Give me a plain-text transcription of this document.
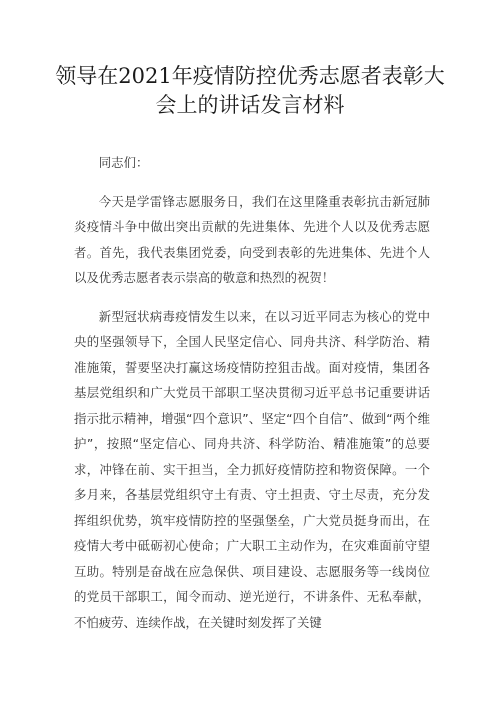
领导在2021年疫情防控优秀志愿者表彰大
会上的讲话发言材料

同志们：

今天是学雷锋志愿服务日，我们在这里隆重表彰抗击新冠肺炎疫情斗争中做出突出贡献的先进集体、先进个人以及优秀志愿者。首先，我代表集团党委，向受到表彰的先进集体、先进个人以及优秀志愿者表示崇高的敬意和热烈的祝贺！

新型冠状病毒疫情发生以来，在以习近平同志为核心的党中央的坚强领导下，全国人民坚定信心、同舟共济、科学防治、精准施策，誓要坚决打赢这场疫情防控狙击战。面对疫情，集团各基层党组织和广大党员干部职工坚决贯彻习近平总书记重要讲话指示批示精神，增强“四个意识”、坚定“四个自信”、做到“两个维护”，按照“坚定信心、同舟共济、科学防治、精准施策”的总要求，冲锋在前、实干担当，全力抓好疫情防控和物资保障。一个多月来，各基层党组织守土有责、守土担责、守土尽责，充分发挥组织优势，筑牢疫情防控的坚强堡垒，广大党员挺身而出，在疫情大考中砥砺初心使命；广大职工主动作为，在灾难面前守望互助。特别是奋战在应急保供、项目建设、志愿服务等一线岗位的党员干部职工，闻令而动、逆光逆行，不讲条件、无私奉献，不怕疲劳、连续作战，在关键时刻发挥了关键
